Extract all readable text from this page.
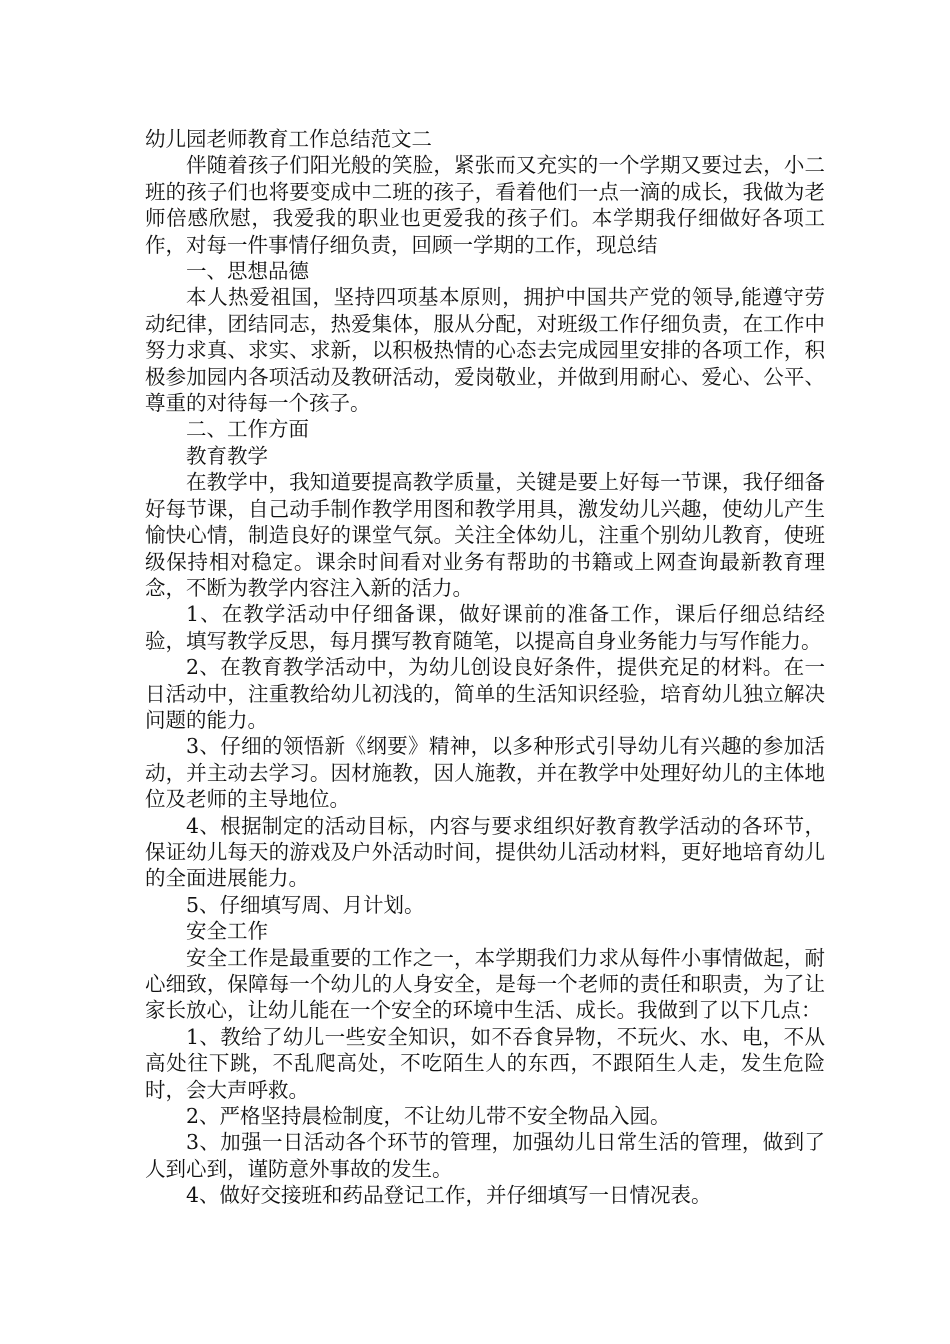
幼儿园老师教育工作总结范文二

伴随着孩子们阳光般的笑脸，紧张而又充实的一个学期又要过去，小二班的孩子们也将要变成中二班的孩子，看着他们一点一滴的成长，我做为老师倍感欣慰，我爱我的职业也更爱我的孩子们。本学期我仔细做好各项工作，对每一件事情仔细负责，回顾一学期的工作，现总结

一、思想品德

本人热爱祖国，坚持四项基本原则，拥护中国共产党的领导,能遵守劳动纪律，团结同志，热爱集体，服从分配，对班级工作仔细负责，在工作中努力求真、求实、求新，以积极热情的心态去完成园里安排的各项工作，积极参加园内各项活动及教研活动，爱岗敬业，并做到用耐心、爱心、公平、尊重的对待每一个孩子。

二、工作方面

教育教学

在教学中，我知道要提高教学质量，关键是要上好每一节课，我仔细备好每节课，自己动手制作教学用图和教学用具，激发幼儿兴趣，使幼儿产生愉快心情，制造良好的课堂气氛。关注全体幼儿，注重个别幼儿教育，使班级保持相对稳定。课余时间看对业务有帮助的书籍或上网查询最新教育理念，不断为教学内容注入新的活力。

1、在教学活动中仔细备课，做好课前的准备工作，课后仔细总结经验，填写教学反思，每月撰写教育随笔，以提高自身业务能力与写作能力。

2、在教育教学活动中，为幼儿创设良好条件，提供充足的材料。在一日活动中，注重教给幼儿初浅的，简单的生活知识经验，培育幼儿独立解决问题的能力。

3、仔细的领悟新《纲要》精神，以多种形式引导幼儿有兴趣的参加活动，并主动去学习。因材施教，因人施教，并在教学中处理好幼儿的主体地位及老师的主导地位。

4、根据制定的活动目标，内容与要求组织好教育教学活动的各环节，保证幼儿每天的游戏及户外活动时间，提供幼儿活动材料，更好地培育幼儿的全面进展能力。

5、仔细填写周、月计划。

安全工作

安全工作是最重要的工作之一，本学期我们力求从每件小事情做起，耐心细致，保障每一个幼儿的人身安全，是每一个老师的责任和职责，为了让家长放心，让幼儿能在一个安全的环境中生活、成长。我做到了以下几点：

1、教给了幼儿一些安全知识，如不吞食异物，不玩火、水、电，不从高处往下跳，不乱爬高处，不吃陌生人的东西，不跟陌生人走，发生危险时，会大声呼救。

2、严格坚持晨检制度，不让幼儿带不安全物品入园。

3、加强一日活动各个环节的管理，加强幼儿日常生活的管理，做到了人到心到，谨防意外事故的发生。

4、做好交接班和药品登记工作，并仔细填写一日情况表。
